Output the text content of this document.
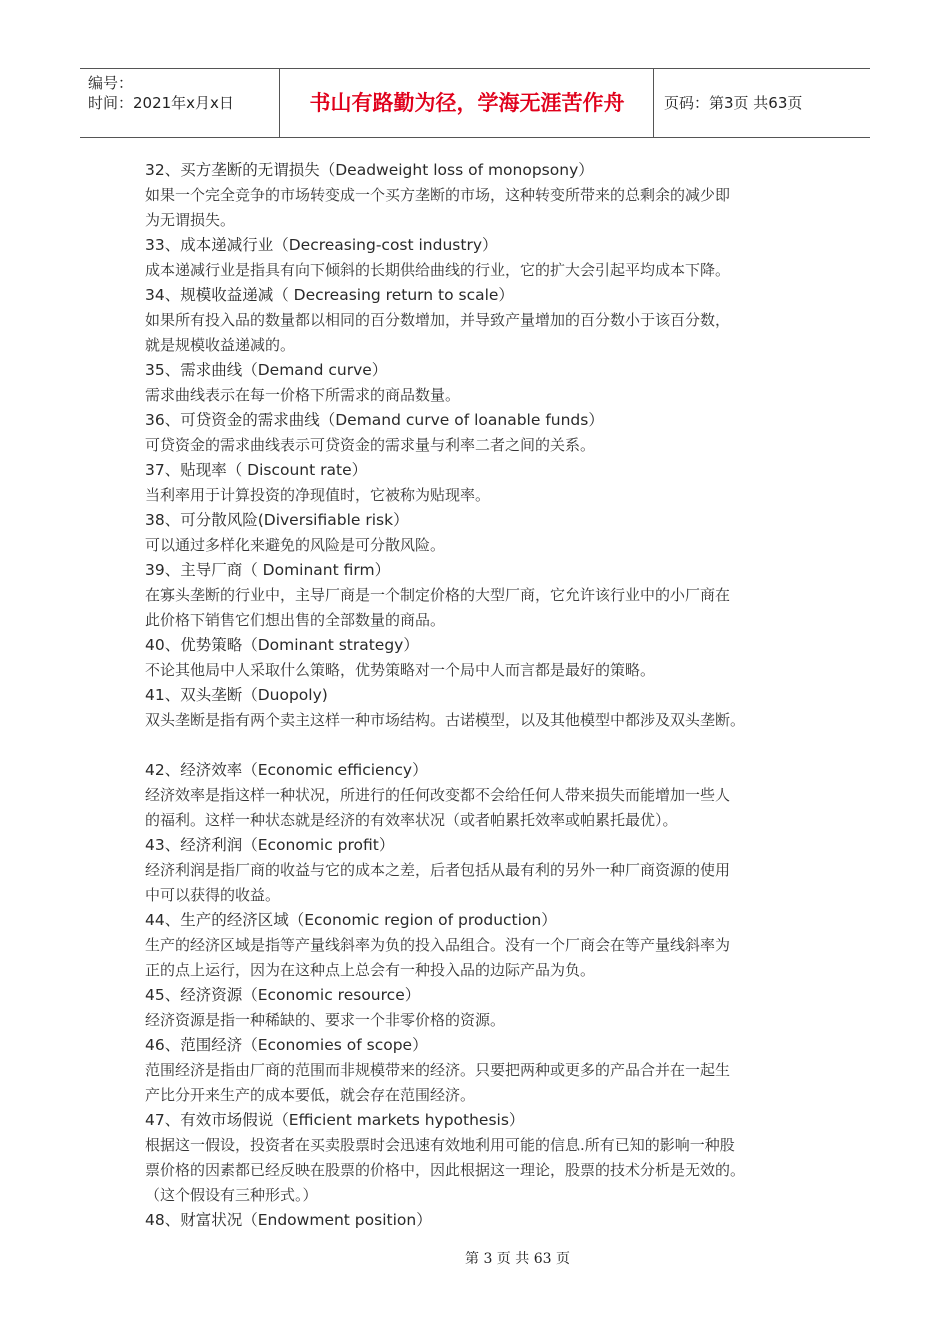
编号：
时间：2021年x月x日	书山有路勤为径，学海无涯苦作舟	页码：第3页 共63页
32、买方垄断的无谓损失（Deadweight loss of monopsony）
如果一个完全竞争的市场转变成一个买方垄断的市场，这种转变所带来的总剩余的减少即
为无谓损失。
33、成本递减行业（Decreasing-cost industry）
成本递减行业是指具有向下倾斜的长期供给曲线的行业，它的扩大会引起平均成本下降。
34、规模收益递减（ Decreasing return to scale）
如果所有投入品的数量都以相同的百分数增加，并导致产量增加的百分数小于该百分数，
就是规模收益递减的。
35、需求曲线（Demand curve）
需求曲线表示在每一价格下所需求的商品数量。
36、可贷资金的需求曲线（Demand curve of loanable funds）
可贷资金的需求曲线表示可贷资金的需求量与利率二者之间的关系。
37、贴现率（ Discount rate）
当利率用于计算投资的净现值时，它被称为贴现率。
38、可分散风险(Diversifiable risk）
可以通过多样化来避免的风险是可分散风险。
39、主导厂商（ Dominant firm）
在寡头垄断的行业中，主导厂商是一个制定价格的大型厂商，它允许该行业中的小厂商在
此价格下销售它们想出售的全部数量的商品。
40、优势策略（Dominant strategy）
不论其他局中人采取什么策略，优势策略对一个局中人而言都是最好的策略。
41、双头垄断（Duopoly)
双头垄断是指有两个卖主这样一种市场结构。古诺模型，以及其他模型中都涉及双头垄断。
42、经济效率（Economic efficiency）
经济效率是指这样一种状况，所进行的任何改变都不会给任何人带来损失而能增加一些人
的福利。这样一种状态就是经济的有效率状况（或者帕累托效率或帕累托最优）。
43、经济利润（Economic profit）
经济利润是指厂商的收益与它的成本之差，后者包括从最有利的另外一种厂商资源的使用
中可以获得的收益。
44、生产的经济区域（Economic region of production）
生产的经济区域是指等产量线斜率为负的投入品组合。没有一个厂商会在等产量线斜率为
正的点上运行，因为在这种点上总会有一种投入品的边际产品为负。
45、经济资源（Economic resource）
经济资源是指一种稀缺的、要求一个非零价格的资源。
46、范围经济（Economies of scope）
范围经济是指由厂商的范围而非规模带来的经济。只要把两种或更多的产品合并在一起生
产比分开来生产的成本要低，就会存在范围经济。
47、有效市场假说（Efficient markets hypothesis）
根据这一假设，投资者在买卖股票时会迅速有效地利用可能的信息.所有已知的影响一种股
票价格的因素都已经反映在股票的价格中，因此根据这一理论，股票的技术分析是无效的。
（这个假设有三种形式。）
48、财富状况（Endowment position）
第 3 页 共 63 页
